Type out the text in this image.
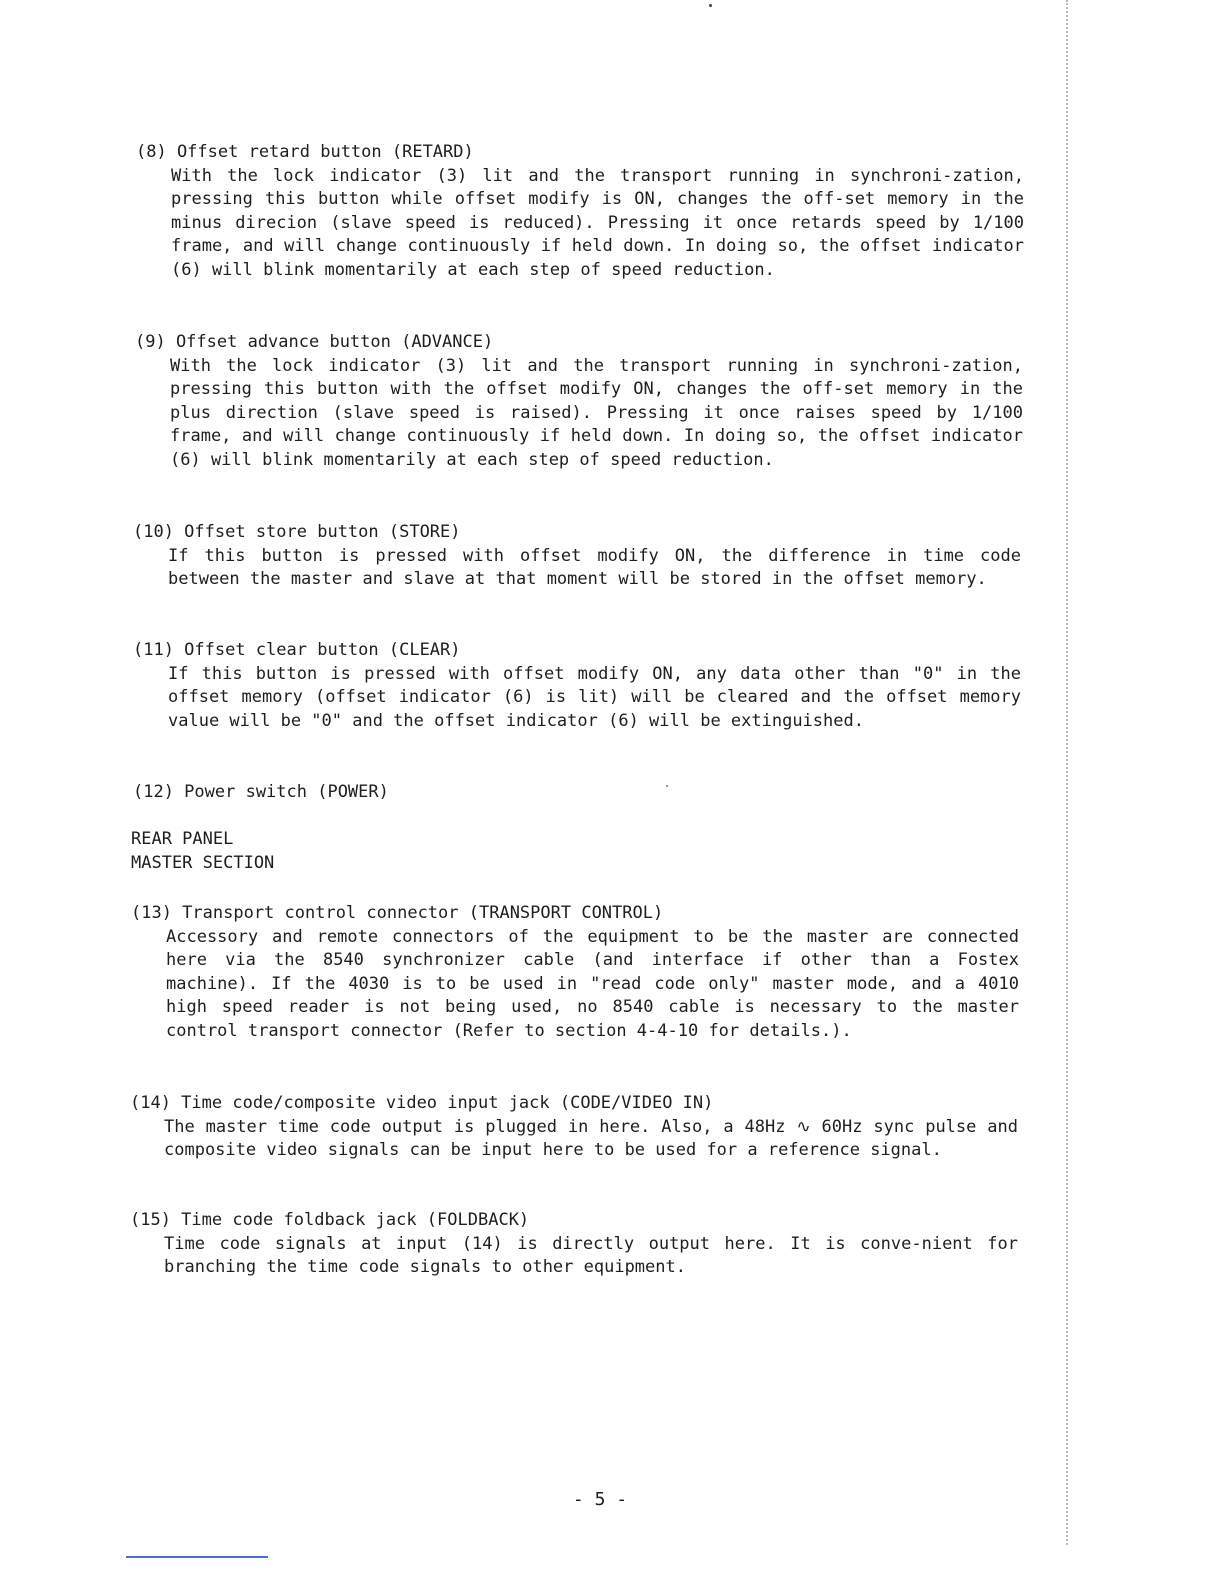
(8) Offset retard button (RETARD)
With the lock indicator (3) lit and the transport running in synchroni-zation, pressing this button while offset modify is ON, changes the off-set memory in the minus direcion (slave speed is reduced). Pressing it once retards speed by 1/100 frame, and will change continuously if held down. In doing so, the offset indicator (6) will blink momentarily at each step of speed reduction.
(9) Offset advance button (ADVANCE)
With the lock indicator (3) lit and the transport running in synchroni-zation, pressing this button with the offset modify ON, changes the off-set memory in the plus direction (slave speed is raised). Pressing it once raises speed by 1/100 frame, and will change continuously if held down. In doing so, the offset indicator (6) will blink momentarily at each step of speed reduction.
(10) Offset store button (STORE)
If this button is pressed with offset modify ON, the difference in time code between the master and slave at that moment will be stored in the offset memory.
(11) Offset clear button (CLEAR)
If this button is pressed with offset modify ON, any data other than "0" in the offset memory (offset indicator (6) is lit) will be cleared and the offset memory value will be "0" and the offset indicator (6) will be extinguished.
(12) Power switch (POWER)
REAR PANEL
MASTER SECTION
(13) Transport control connector (TRANSPORT CONTROL)
Accessory and remote connectors of the equipment to be the master are connected here via the 8540 synchronizer cable (and interface if other than a Fostex machine). If the 4030 is to be used in "read code only" master mode, and a 4010 high speed reader is not being used, no 8540 cable is necessary to the master control transport connector (Refer to section 4-4-10 for details.).
(14) Time code/composite video input jack (CODE/VIDEO IN)
The master time code output is plugged in here. Also, a 48Hz ∿ 60Hz sync pulse and composite video signals can be input here to be used for a reference signal.
(15) Time code foldback jack (FOLDBACK)
Time code signals at input (14) is directly output here. It is conve-nient for branching the time code signals to other equipment.
- 5 -
